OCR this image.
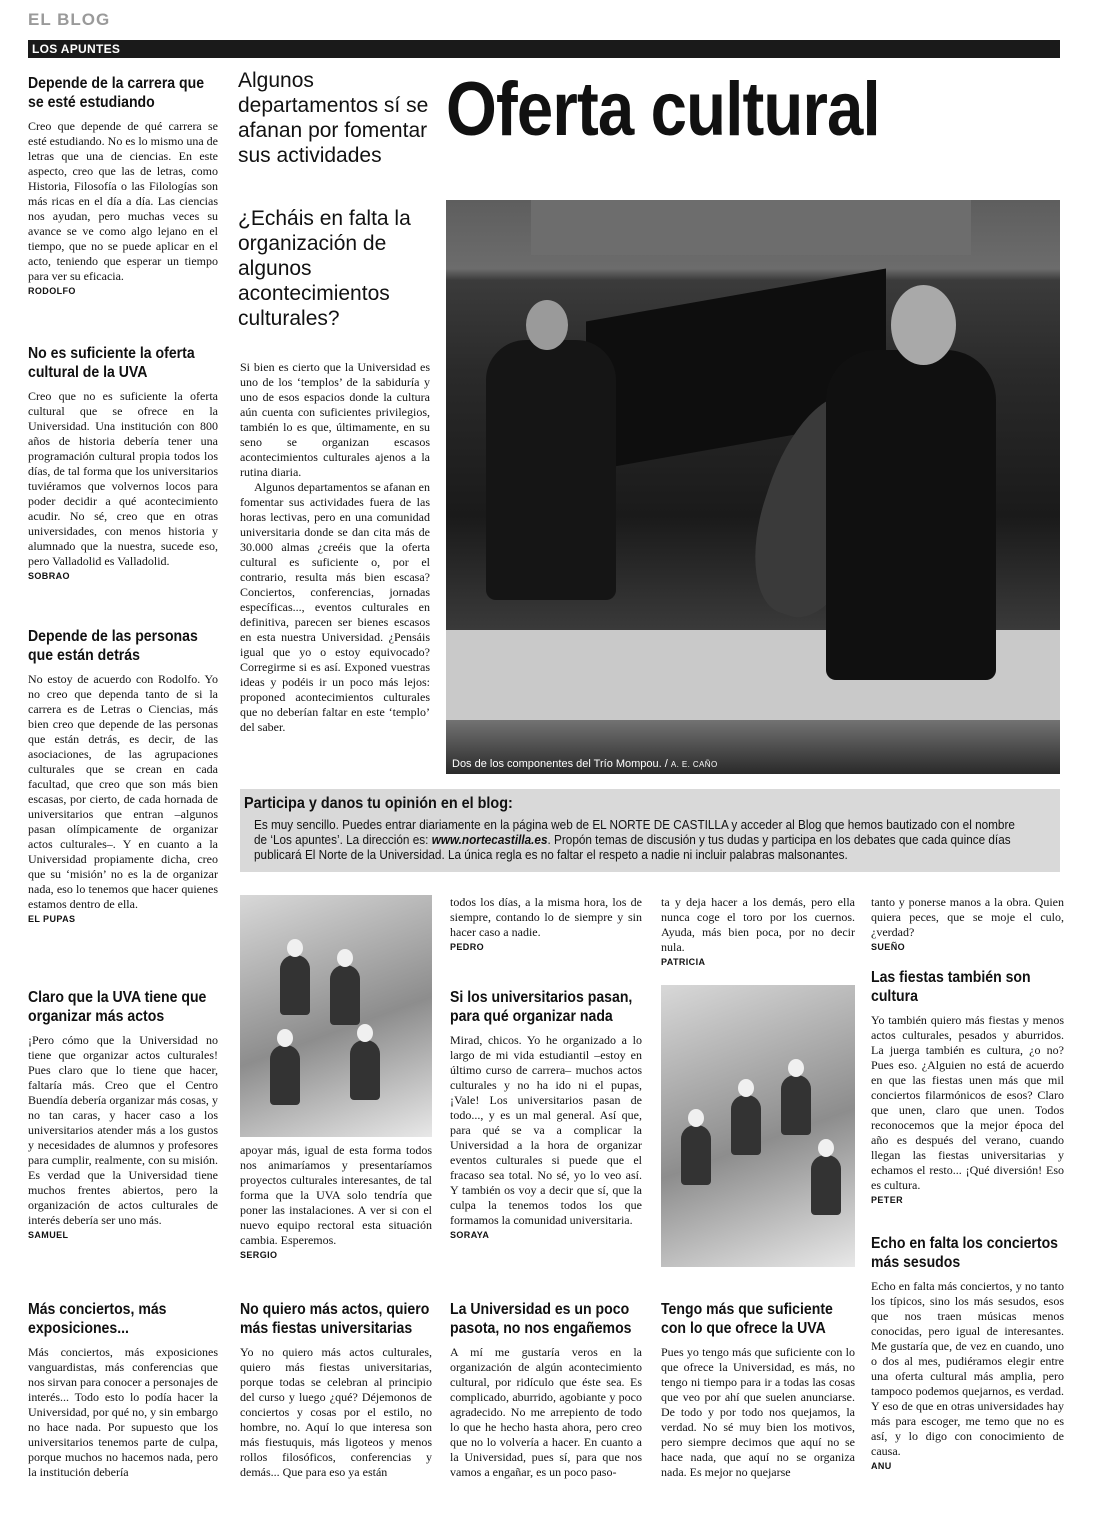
EL BLOG
LOS APUNTES
Depende de la carrera que se esté estudiando

Creo que depende de qué carrera se esté estudiando. No es lo mismo una de letras que una de ciencias. En este aspecto, creo que las de letras, como Historia, Filosofía o las Filologías son más ricas en el día a día. Las ciencias nos ayudan, pero muchas veces su avance se ve como algo lejano en el tiempo, que no se puede aplicar en el acto, teniendo que esperar un tiempo para ver su eficacia.

RODOLFO
No es suficiente la oferta cultural de la UVA

Creo que no es suficiente la oferta cultural que se ofrece en la Universidad. Una institución con 800 años de historia debería tener una programación cultural propia todos los días, de tal forma que los universitarios tuviéramos que volvernos locos para poder decidir a qué acontecimiento acudir. No sé, creo que en otras universidades, con menos historia y alumnado que la nuestra, sucede eso, pero Valladolid es Valladolid.

SOBRAO
Depende de las personas que están detrás

No estoy de acuerdo con Rodolfo. Yo no creo que dependa tanto de si la carrera es de Letras o Ciencias, más bien creo que depende de las personas que están detrás, es decir, de las asociaciones, de las agrupaciones culturales que se crean en cada facultad, que creo que son más bien escasas, por cierto, de cada hornada de universitarios que entran –algunos pasan olímpicamente de organizar actos culturales–. Y en cuanto a la Universidad propiamente dicha, creo que su ‘misión’ no es la de organizar nada, eso lo tenemos que hacer quienes estamos dentro de ella.

EL PUPAS
Claro que la UVA tiene que organizar más actos

¡Pero cómo que la Universidad no tiene que organizar actos culturales! Pues claro que lo tiene que hacer, faltaría más. Creo que el Centro Buendía debería organizar más cosas, y no tan caras, y hacer caso a los universitarios atender más a los gustos y necesidades de alumnos y profesores para cumplir, realmente, con su misión. Es verdad que la Universidad tiene muchos frentes abiertos, pero la organización de actos culturales de interés debería ser uno más.

SAMUEL
Más conciertos, más exposiciones...

Más conciertos, más exposiciones vanguardistas, más conferencias que nos sirvan para conocer a personajes de interés... Todo esto lo podía hacer la Universidad, por qué no, y sin embargo no hace nada. Por supuesto que los universitarios tenemos parte de culpa, porque muchos no hacemos nada, pero la institución debería

Algunos departamentos sí se afanan por fomentar sus actividades
¿Echáis en falta la organización de algunos acontecimientos culturales?

Si bien es cierto que la Universidad es uno de los ‘templos’ de la sabiduría y uno de esos espacios donde la cultura aún cuenta con suficientes privilegios, también lo es que, últimamente, en su seno se organizan escasos acontecimientos culturales ajenos a la rutina diaria.

Algunos departamentos se afanan en fomentar sus actividades fuera de las horas lectivas, pero en una comunidad universitaria donde se dan cita más de 30.000 almas ¿creéis que la oferta cultural es suficiente o, por el contrario, resulta más bien escasa? Conciertos, conferencias, jornadas específicas..., eventos culturales en definitiva, parecen ser bienes escasos en esta nuestra Universidad. ¿Pensáis igual que yo o estoy equivocado? Corregirme si es así. Exponed vuestras ideas y podéis ir un poco más lejos: proponed acontecimientos culturales que no deberían faltar en este ‘templo’ del saber.

Oferta cultural
Dos de los componentes del Trío Mompou. / A. E. CAÑO
Participa y danos tu opinión en el blog:
Es muy sencillo. Puedes entrar diariamente en la página web de EL NORTE DE CASTILLA y acceder al Blog que hemos bautizado con el nombre de ‘Los apuntes’. La dirección es: www.nortecastilla.es. Propón temas de discusión y tus dudas y participa en los debates que cada quince días publicará El Norte de la Universidad. La única regla es no faltar el respeto a nadie ni incluir palabras malsonantes.

todos los días, a la misma hora, los de siempre, contando lo de siempre y sin hacer caso a nadie.

PEDRO

ta y deja hacer a los demás, pero ella nunca coge el toro por los cuernos. Ayuda, más bien poca, por no decir nula.

PATRICIA

tanto y ponerse manos a la obra. Quien quiera peces, que se moje el culo, ¿verdad?

SUEÑO

apoyar más, igual de esta forma todos nos animaríamos y presentaríamos proyectos culturales interesantes, de tal forma que la UVA solo tendría que poner las instalaciones. A ver si con el nuevo equipo rectoral esta situación cambia. Esperemos.

SERGIO
Si los universitarios pasan, para qué organizar nada

Mirad, chicos. Yo he organizado a lo largo de mi vida estudiantil –estoy en último curso de carrera– muchos actos culturales y no ha ido ni el pupas, ¡Vale! Los universitarios pasan de todo..., y es un mal general. Así que, para qué se va a complicar la Universidad a la hora de organizar eventos culturales si puede que el fracaso sea total. No sé, yo lo veo así. Y también os voy a decir que sí, que la culpa la tenemos todos los que formamos la comunidad universitaria.

SORAYA
Las fiestas también son cultura

Yo también quiero más fiestas y menos actos culturales, pesados y aburridos. La juerga también es cultura, ¿o no? Pues eso. ¿Alguien no está de acuerdo en que las fiestas unen más que mil conciertos filarmónicos de esos? Claro que unen, claro que unen. Todos reconocemos que la mejor época del año es después del verano, cuando llegan las fiestas universitarias y echamos el resto... ¡Qué diversión! Eso es cultura.

PETER
Echo en falta los conciertos más sesudos

Echo en falta más conciertos, y no tanto los típicos, sino los más sesudos, esos que nos traen músicas menos conocidas, pero igual de interesantes. Me gustaría que, de vez en cuando, uno o dos al mes, pudiéramos elegir entre una oferta cultural más amplia, pero tampoco podemos quejarnos, es verdad. Y eso de que en otras universidades hay más para escoger, me temo que no es así, y lo digo con conocimiento de causa.

ANU
No quiero más actos, quiero más fiestas universitarias

Yo no quiero más actos culturales, quiero más fiestas universitarias, porque todas se celebran al principio del curso y luego ¿qué? Déjemonos de conciertos y cosas por el estilo, no hombre, no. Aquí lo que interesa son más fiestuquis, más ligoteos y menos rollos filosóficos, conferencias y demás... Que para eso ya están

La Universidad es un poco pasota, no nos engañemos

A mí me gustaría veros en la organización de algún acontecimiento cultural, por ridículo que éste sea. Es complicado, aburrido, agobiante y poco agradecido. No me arrepiento de todo lo que he hecho hasta ahora, pero creo que no lo volvería a hacer. En cuanto a la Universidad, pues sí, para que nos vamos a engañar, es un poco paso-

Tengo más que suficiente con lo que ofrece la UVA

Pues yo tengo más que suficiente con lo que ofrece la Universidad, es más, no tengo ni tiempo para ir a todas las cosas que veo por ahí que suelen anunciarse. De todo y por todo nos quejamos, la verdad. No sé muy bien los motivos, pero siempre decimos que aquí no se hace nada, que aquí no se organiza nada. Es mejor no quejarse
